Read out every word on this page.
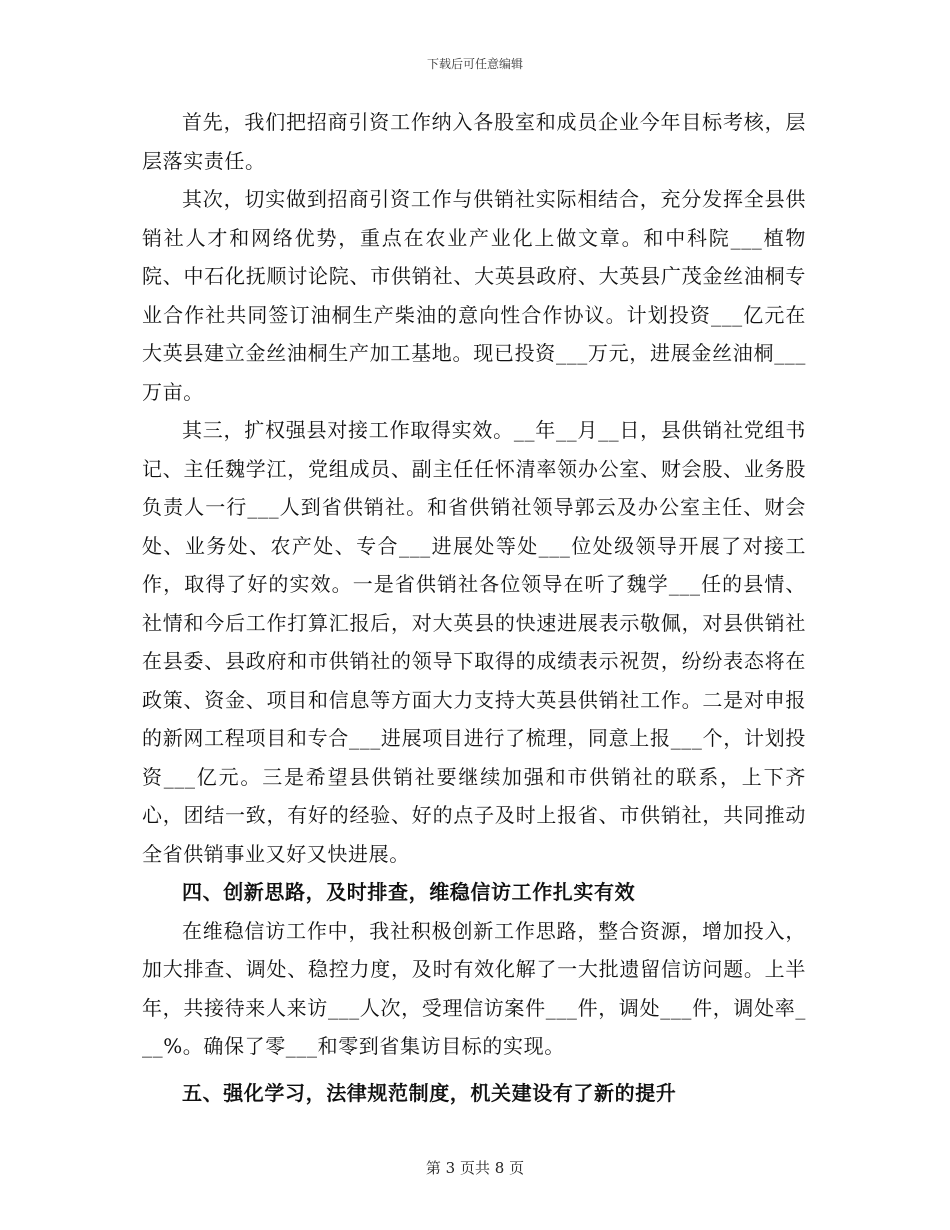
下载后可任意编辑

首先，我们把招商引资工作纳入各股室和成员企业今年目标考核，层层落实责任。

其次，切实做到招商引资工作与供销社实际相结合，充分发挥全县供销社人才和网络优势，重点在农业产业化上做文章。和中科院___植物院、中石化抚顺讨论院、市供销社、大英县政府、大英县广茂金丝油桐专业合作社共同签订油桐生产柴油的意向性合作协议。计划投资___亿元在大英县建立金丝油桐生产加工基地。现已投资___万元，进展金丝油桐___万亩。

其三，扩权强县对接工作取得实效。__年__月__日，县供销社党组书记、主任魏学江，党组成员、副主任任怀清率领办公室、财会股、业务股负责人一行___人到省供销社。和省供销社领导郭云及办公室主任、财会处、业务处、农产处、专合___进展处等处___位处级领导开展了对接工作，取得了好的实效。一是省供销社各位领导在听了魏学___任的县情、社情和今后工作打算汇报后，对大英县的快速进展表示敬佩，对县供销社在县委、县政府和市供销社的领导下取得的成绩表示祝贺，纷纷表态将在政策、资金、项目和信息等方面大力支持大英县供销社工作。二是对申报的新网工程项目和专合___进展项目进行了梳理，同意上报___个，计划投资___亿元。三是希望县供销社要继续加强和市供销社的联系，上下齐心，团结一致，有好的经验、好的点子及时上报省、市供销社，共同推动全省供销事业又好又快进展。

四、创新思路，及时排查，维稳信访工作扎实有效

在维稳信访工作中，我社积极创新工作思路，整合资源，增加投入，加大排查、调处、稳控力度，及时有效化解了一大批遗留信访问题。上半年，共接待来人来访___人次，受理信访案件___件，调处___件，调处率___%。确保了零___和零到省集访目标的实现。

五、强化学习，法律规范制度，机关建设有了新的提升

第 3 页共 8 页
